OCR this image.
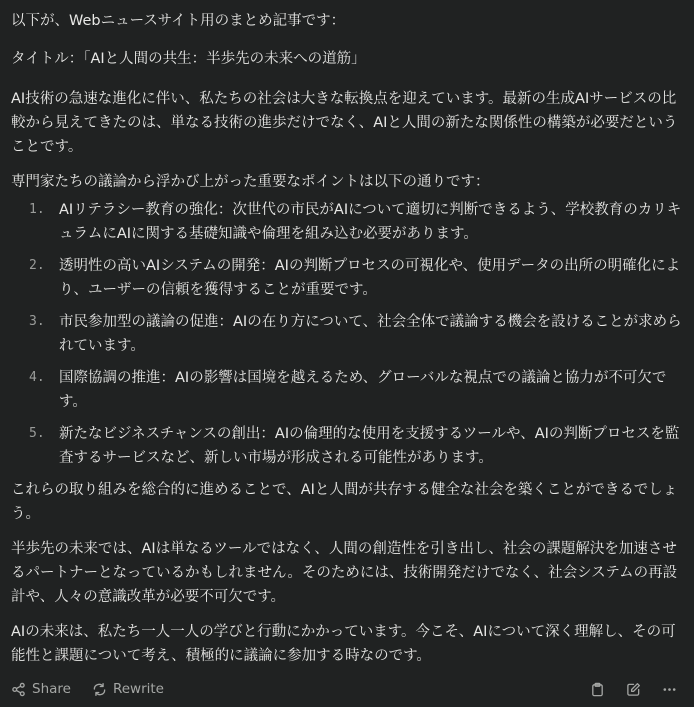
以下が、Webニュースサイト用のまとめ記事です：

タイトル：「AIと人間の共生：半歩先の未来への道筋」

AI技術の急速な進化に伴い、私たちの社会は大きな転換点を迎えています。最新の生成AIサービスの比較から見えてきたのは、単なる技術の進歩だけでなく、AIと人間の新たな関係性の構築が必要だということです。

専門家たちの議論から浮かび上がった重要なポイントは以下の通りです：

1. AIリテラシー教育の強化：次世代の市民がAIについて適切に判断できるよう、学校教育のカリキュラムにAIに関する基礎知識や倫理を組み込む必要があります。
2. 透明性の高いAIシステムの開発：AIの判断プロセスの可視化や、使用データの出所の明確化により、ユーザーの信頼を獲得することが重要です。
3. 市民参加型の議論の促進：AIの在り方について、社会全体で議論する機会を設けることが求められています。
4. 国際協調の推進：AIの影響は国境を越えるため、グローバルな視点での議論と協力が不可欠です。
5. 新たなビジネスチャンスの創出：AIの倫理的な使用を支援するツールや、AIの判断プロセスを監査するサービスなど、新しい市場が形成される可能性があります。

これらの取り組みを総合的に進めることで、AIと人間が共存する健全な社会を築くことができるでしょう。

半歩先の未来では、AIは単なるツールではなく、人間の創造性を引き出し、社会の課題解決を加速させるパートナーとなっているかもしれません。そのためには、技術開発だけでなく、社会システムの再設計や、人々の意識改革が必要不可欠です。

AIの未来は、私たち一人一人の学びと行動にかかっています。今こそ、AIについて深く理解し、その可能性と課題について考え、積極的に議論に参加する時なのです。

Share	Rewrite
